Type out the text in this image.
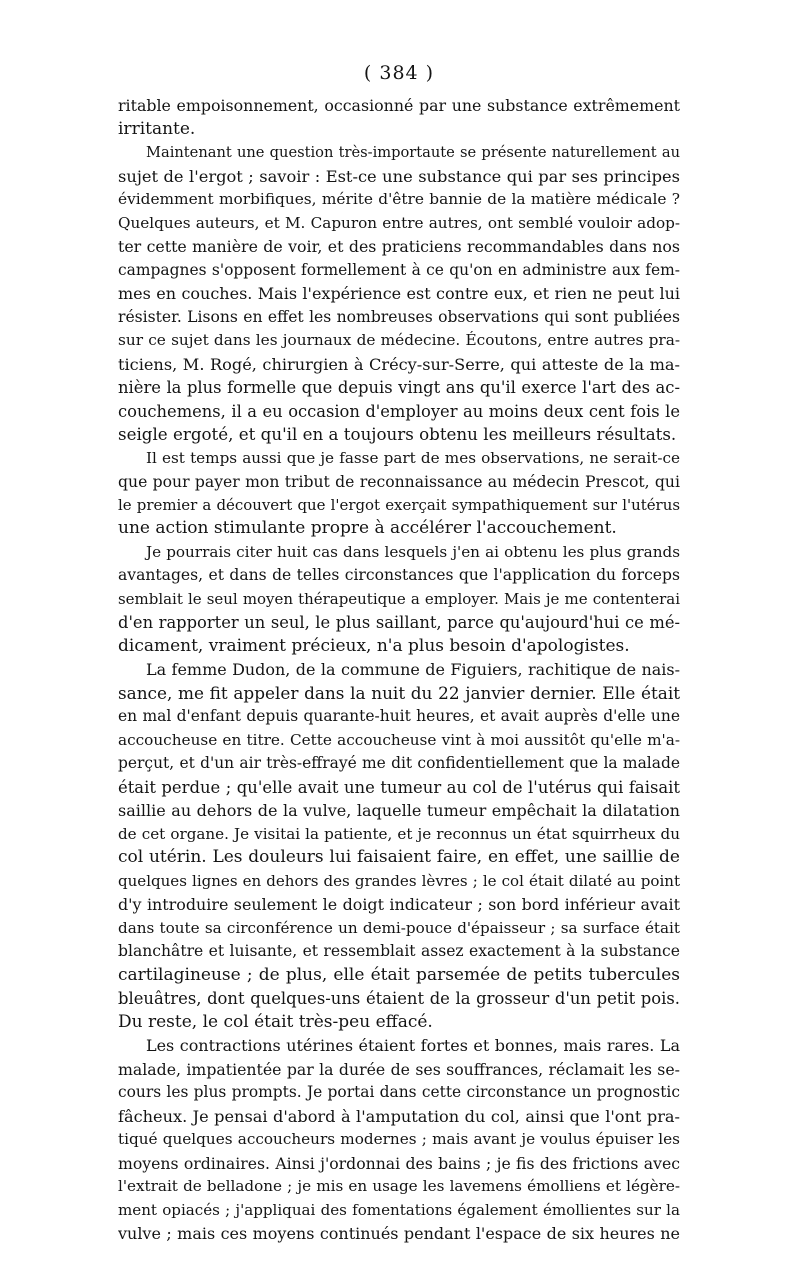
( 384 )
ritable empoisonnement, occasionné par une substance extrêmement
irritante.
Maintenant une question très-importaute se présente naturellement au
sujet de l'ergot ; savoir : Est-ce une substance qui par ses principes
évidemment morbifiques, mérite d'être bannie de la matière médicale ?
Quelques auteurs, et M. Capuron entre autres, ont semblé vouloir adop-
ter cette manière de voir, et des praticiens recommandables dans nos
campagnes s'opposent formellement à ce qu'on en administre aux fem-
mes en couches. Mais l'expérience est contre eux, et rien ne peut lui
résister. Lisons en effet les nombreuses observations qui sont publiées
sur ce sujet dans les journaux de médecine. Écoutons, entre autres pra-
ticiens, M. Rogé, chirurgien à Crécy-sur-Serre, qui atteste de la ma-
nière la plus formelle que depuis vingt ans qu'il exerce l'art des ac-
couchemens, il a eu occasion d'employer au moins deux cent fois le
seigle ergoté, et qu'il en a toujours obtenu les meilleurs résultats.
Il est temps aussi que je fasse part de mes observations, ne serait-ce
que pour payer mon tribut de reconnaissance au médecin Prescot, qui
le premier a découvert que l'ergot exerçait sympathiquement sur l'utérus
une action stimulante propre à accélérer l'accouchement.
Je pourrais citer huit cas dans lesquels j'en ai obtenu les plus grands
avantages, et dans de telles circonstances que l'application du forceps
semblait le seul moyen thérapeutique a employer. Mais je me contenterai
d'en rapporter un seul, le plus saillant, parce qu'aujourd'hui ce mé-
dicament, vraiment précieux, n'a plus besoin d'apologistes.
La femme Dudon, de la commune de Figuiers, rachitique de nais-
sance, me fit appeler dans la nuit du 22 janvier dernier. Elle était
en mal d'enfant depuis quarante-huit heures, et avait auprès d'elle une
accoucheuse en titre. Cette accoucheuse vint à moi aussitôt qu'elle m'a-
perçut, et d'un air très-effrayé me dit confidentiellement que la malade
était perdue ; qu'elle avait une tumeur au col de l'utérus qui faisait
saillie au dehors de la vulve, laquelle tumeur empêchait la dilatation
de cet organe. Je visitai la patiente, et je reconnus un état squirrheux du
col utérin. Les douleurs lui faisaient faire, en effet, une saillie de
quelques lignes en dehors des grandes lèvres ; le col était dilaté au point
d'y introduire seulement le doigt indicateur ; son bord inférieur avait
dans toute sa circonférence un demi-pouce d'épaisseur ; sa surface était
blanchâtre et luisante, et ressemblait assez exactement à la substance
cartilagineuse ; de plus, elle était parsemée de petits tubercules
bleuâtres, dont quelques-uns étaient de la grosseur d'un petit pois.
Du reste, le col était très-peu effacé.
Les contractions utérines étaient fortes et bonnes, mais rares. La
malade, impatientée par la durée de ses souffrances, réclamait les se-
cours les plus prompts. Je portai dans cette circonstance un prognostic
fâcheux. Je pensai d'abord à l'amputation du col, ainsi que l'ont pra-
tiqué quelques accoucheurs modernes ; mais avant je voulus épuiser les
moyens ordinaires. Ainsi j'ordonnai des bains ; je fis des frictions avec
l'extrait de belladone ; je mis en usage les lavemens émolliens et légère-
ment opiacés ; j'appliquai des fomentations également émollientes sur la
vulve ; mais ces moyens continués pendant l'espace de six heures ne
